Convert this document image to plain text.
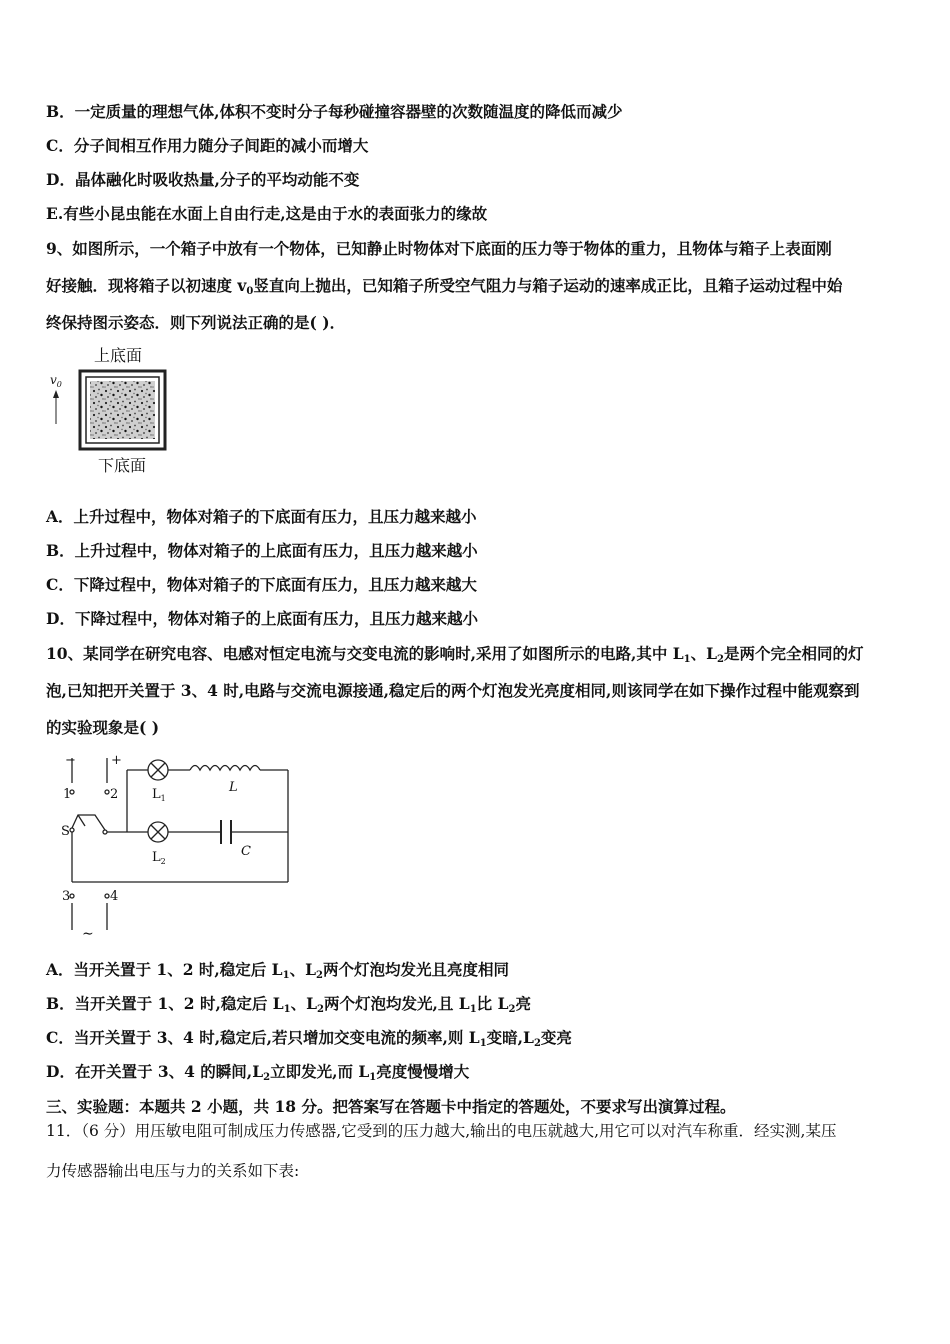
B．一定质量的理想气体,体积不变时分子每秒碰撞容器壁的次数随温度的降低而减少
C．分子间相互作用力随分子间距的减小而增大
D．晶体融化时吸收热量,分子的平均动能不变
E.有些小昆虫能在水面上自由行走,这是由于水的表面张力的缘故
9、如图所示，一个箱子中放有一个物体，已知静止时物体对下底面的压力等于物体的重力，且物体与箱子上表面刚
好接触．现将箱子以初速度 $v_0$竖直向上抛出，已知箱子所受空气阻力与箱子运动的速率成正比，且箱子运动过程中始
终保持图示姿态．则下列说法正确的是( )．
上底面
下底面
$v_0$
A．上升过程中，物体对箱子的下底面有压力，且压力越来越小
B．上升过程中，物体对箱子的上底面有压力，且压力越来越小
C．下降过程中，物体对箱子的下底面有压力，且压力越来越大
D．下降过程中，物体对箱子的上底面有压力，且压力越来越小
10、某同学在研究电容、电感对恒定电流与交变电流的影响时,采用了如图所示的电路,其中 $L_1$、$L_2$是两个完全相同的灯
泡,已知把开关置于 3、4 时,电路与交流电源接通,稳定后的两个灯泡发光亮度相同,则该同学在如下操作过程中能观察到
的实验现象是( )
−	+
1	2
S
$L_1$
$L_2$
L
C
3	4
∼
A．当开关置于 1、2 时,稳定后 $L_1$、$L_2$两个灯泡均发光且亮度相同
B．当开关置于 1、2 时,稳定后 $L_1$、$L_2$两个灯泡均发光,且 $L_1$比 $L_2$亮
C．当开关置于 3、4 时,稳定后,若只增加交变电流的频率,则 $L_1$变暗$,L_2$变亮
D．在开关置于 3、4 的瞬间$,L_2$立即发光,而 $L_1$亮度慢慢增大
三、实验题：本题共 2 小题，共 18 分。把答案写在答题卡中指定的答题处，不要求写出演算过程。
11．（6 分）用压敏电阻可制成压力传感器,它受到的压力越大,输出的电压就越大,用它可以对汽车称重．经实测,某压
力传感器输出电压与力的关系如下表:
